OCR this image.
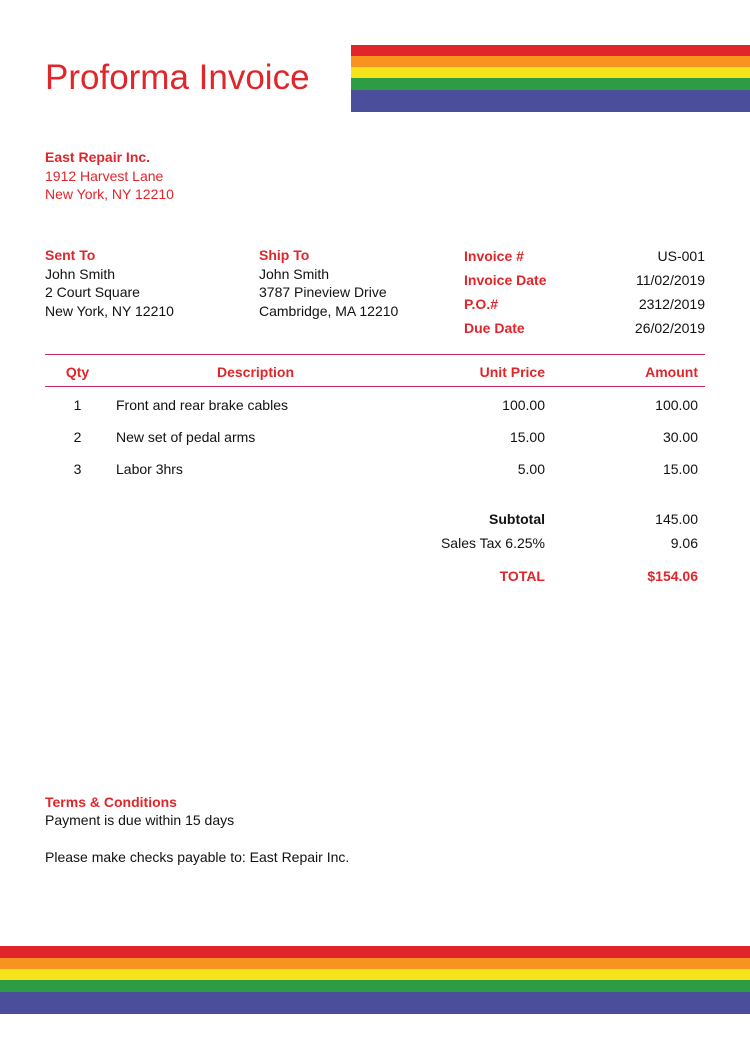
Proforma Invoice
East Repair Inc.
1912 Harvest Lane
New York, NY 12210
Sent To
John Smith
2 Court Square
New York, NY 12210
Ship To
John Smith
3787 Pineview Drive
Cambridge, MA 12210
Invoice #	US-001
Invoice Date	11/02/2019
P.O.#	2312/2019
Due Date	26/02/2019
Qty	Description	Unit Price	Amount
1	Front and rear brake cables	100.00	100.00
2	New set of pedal arms	15.00	30.00
3	Labor 3hrs	5.00	15.00
Subtotal	145.00
Sales Tax 6.25%	9.06
TOTAL	$154.06
Terms & Conditions
Payment is due within 15 days
Please make checks payable to: East Repair Inc.
